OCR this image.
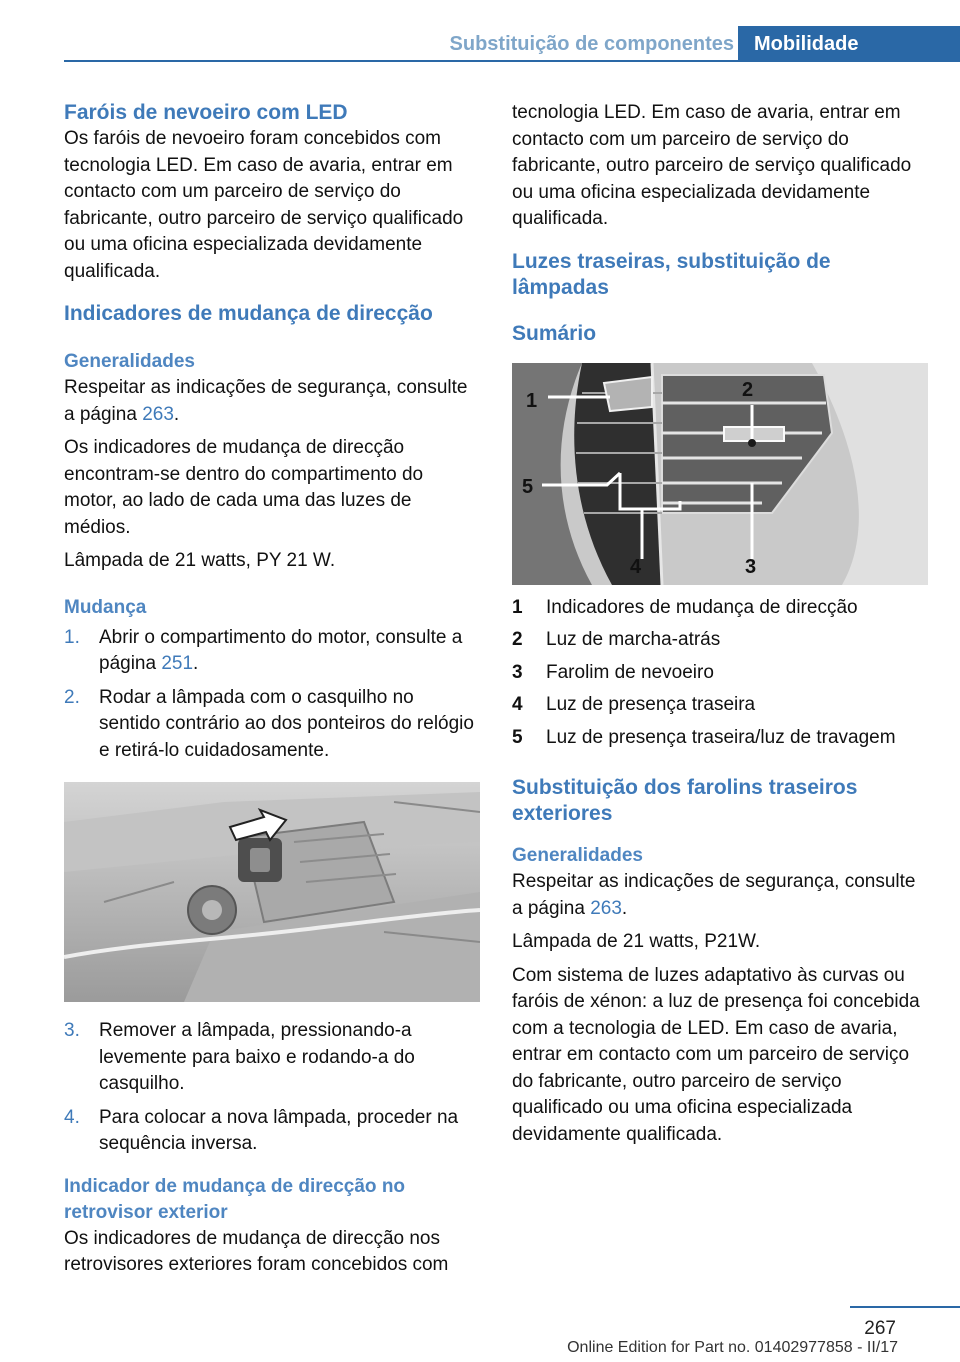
Substituição de componentes	Mobilidade
Faróis de nevoeiro com LED

Os faróis de nevoeiro foram concebidos com tecnologia LED. Em caso de avaria, entrar em contacto com um parceiro de serviço do fabricante, outro parceiro de serviço qualificado ou uma oficina especializada devidamente qualificada.

Indicadores de mudança de direcção
Generalidades

Respeitar as indicações de segurança, consulte a página 263.

Os indicadores de mudança de direcção encontram-se dentro do compartimento do motor, ao lado de cada uma das luzes de médios.

Lâmpada de 21 watts, PY 21 W.

Mudança
1. Abrir o compartimento do motor, consulte a página 251.
2. Rodar a lâmpada com o casquilho no sentido contrário ao dos ponteiros do relógio e retirá-lo cuidadosamente.
3. Remover a lâmpada, pressionando-a levemente para baixo e rodando-a do casquilho.
4. Para colocar a nova lâmpada, proceder na sequência inversa.
Indicador de mudança de direcção no retrovisor exterior

Os indicadores de mudança de direcção nos retrovisores exteriores foram concebidos com

tecnologia LED. Em caso de avaria, entrar em contacto com um parceiro de serviço do fabricante, outro parceiro de serviço qualificado ou uma oficina especializada devidamente qualificada.

Luzes traseiras, substituição de lâmpadas
Sumário
1	2
3
4
5
1 Indicadores de mudança de direcção
2 Luz de marcha-atrás
3 Farolim de nevoeiro
4 Luz de presença traseira
5 Luz de presença traseira/luz de travagem
Substituição dos farolins traseiros exteriores
Generalidades

Respeitar as indicações de segurança, consulte a página 263.

Lâmpada de 21 watts, P21W.

Com sistema de luzes adaptativo às curvas ou faróis de xénon: a luz de presença foi concebida com a tecnologia de LED. Em caso de avaria, entrar em contacto com um parceiro de serviço do fabricante, outro parceiro de serviço qualificado ou uma oficina especializada devidamente qualificada.

267
Online Edition for Part no. 01402977858 - II/17
